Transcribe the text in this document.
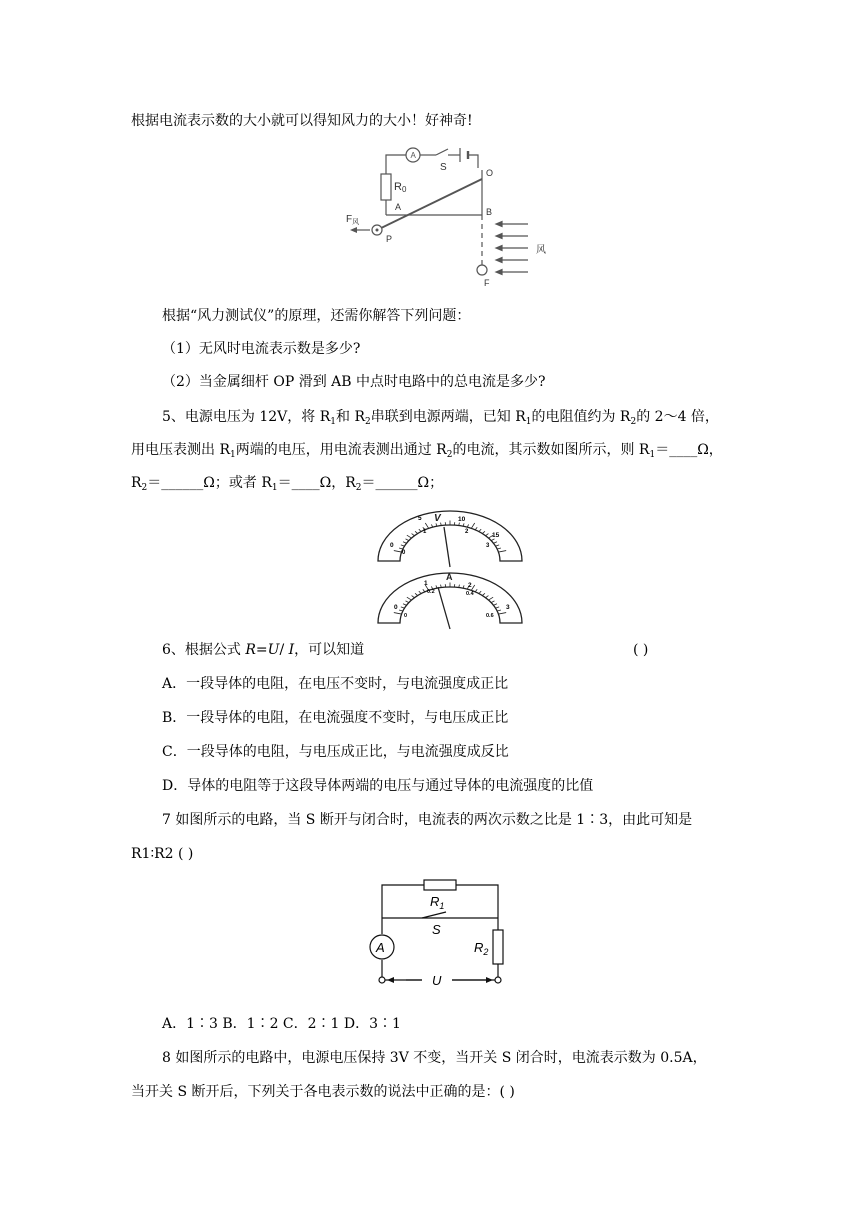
根据电流表示数的大小就可以得知风力的大小！好神奇!
A
S
R0
O
A	B
P
F
$F_风$
风
根据“风力测试仪”的原理，还需你解答下列问题：
（1）无风时电流表示数是多少?
（2）当金属细杆 OP 滑到 AB 中点时电路中的总电流是多少?
5、电源电压为 12V，将 $R_1$和 $R_2$串联到电源两端，已知 $R_1$的电阻值约为 $R_2$的 2～4 倍，
用电压表测出 $R_1$两端的电压，用电流表测出通过 $R_2$的电流，其示数如图所示，则 $R_1=\_\_\_\_\Omega$，
$R_2=\_\_\_\_\_\_\Omega$；或者 $R_1=\_\_\_\_\Omega$，$R_2=\_\_\_\_\_\_\Omega$；
V
0
5	10
15
0
1	2
3
A
0
1	2
3
0
0.2	0.4
0.6
6、根据公式 R=U/ I，可以知道	( )
A．一段导体的电阻，在电压不变时，与电流强度成正比
B．一段导体的电阻，在电流强度不变时，与电压成正比
C．一段导体的电阻，与电压成正比，与电流强度成反比
D．导体的电阻等于这段导体两端的电压与通过导体的电流强度的比值
7 如图所示的电路，当 S 断开与闭合时，电流表的两次示数之比是 1∶3，由此可知是
R1∶R2 ( )
$R_1$
S
A	$R_2$
U
A．1∶3 B．1∶2 C．2∶1 D．3∶1
8 如图所示的电路中，电源电压保持 3V 不变，当开关 S 闭合时，电流表示数为 0.5A，
当开关 S 断开后，下列关于各电表示数的说法中正确的是：( )
